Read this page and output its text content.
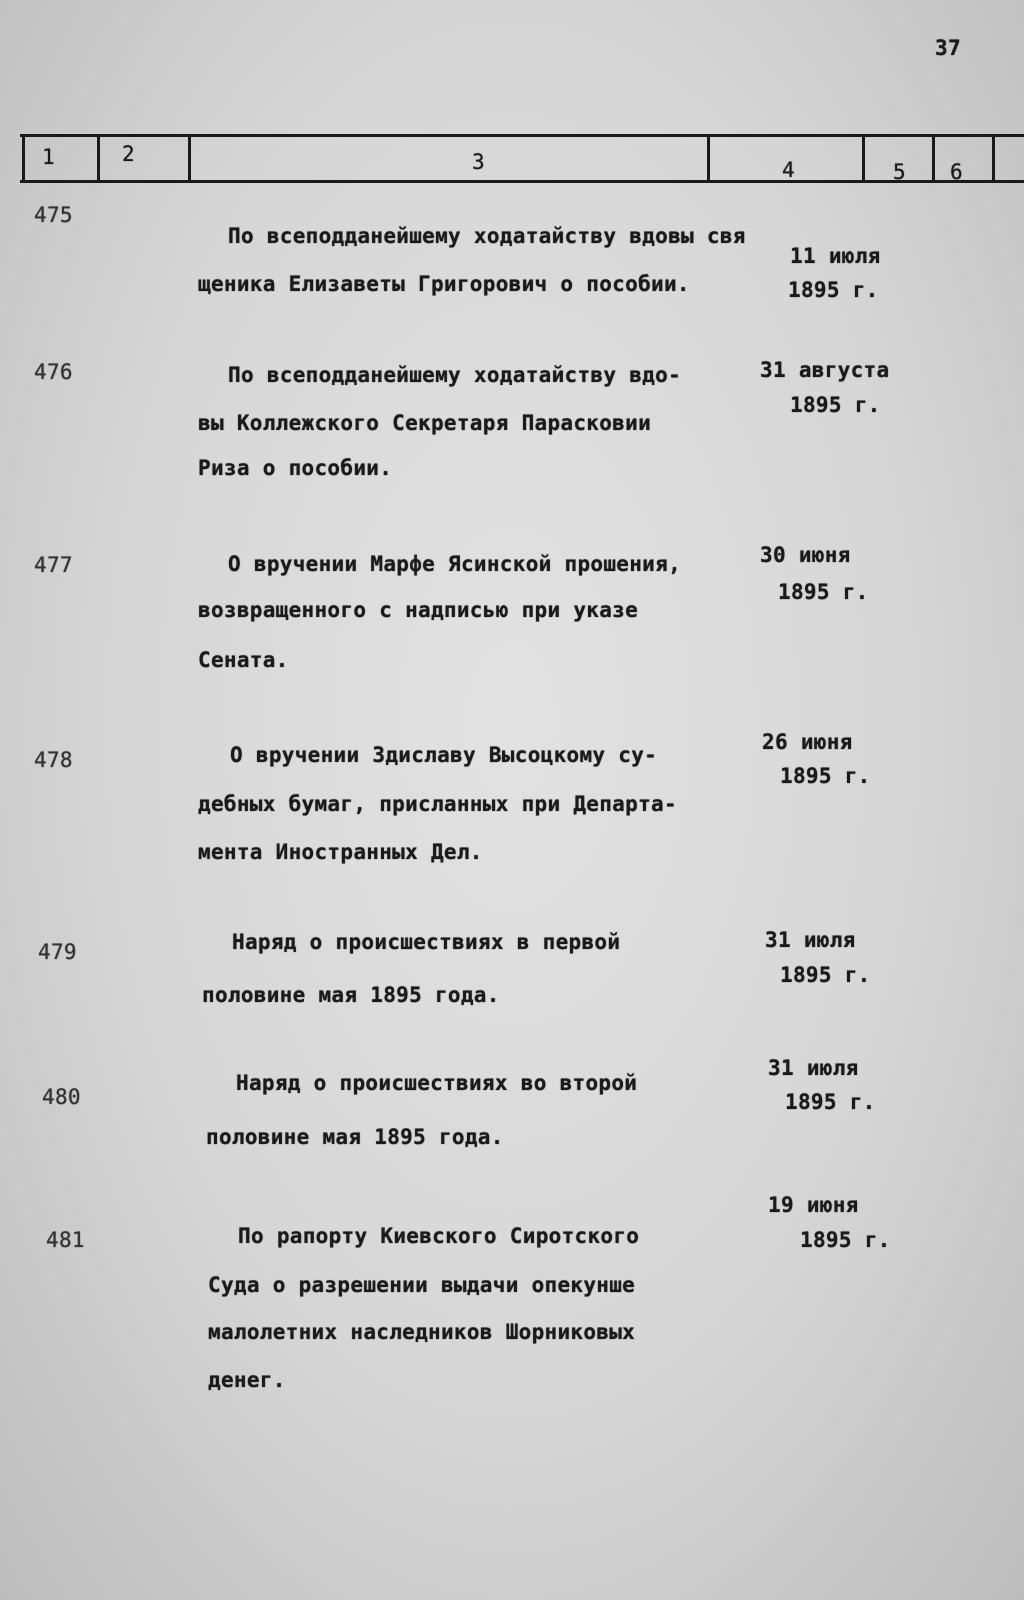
37
1	2	3	4	5 6
475
По всеподданейшему ходатайству вдовы свя
щеника Елизаветы Григорович о пособии.
11 июля
1895 г.
476	По всеподданейшему ходатайству вдо-
вы Коллежского Секретаря Парасковии
Риза о пособии.
31 августа
1895 г.
477	О вручении Марфе Ясинской прошения,
возвращенного с надписью при указе
Сената.
30 июня
1895 г.
478	О вручении Здиславу Высоцкому су-
дебных бумаг, присланных при Департа-
мента Иностранных Дел.
26 июня
1895 г.
479	Наряд о происшествиях в первой
половине мая 1895 года.
31 июля
1895 г.
480
Наряд о происшествиях во второй
половине мая 1895 года.
31 июля
1895 г.
481	По рапорту Киевского Сиротского
Суда о разрешении выдачи опекунше
малолетних наследников Шорниковых
денег.
19 июня
1895 г.
